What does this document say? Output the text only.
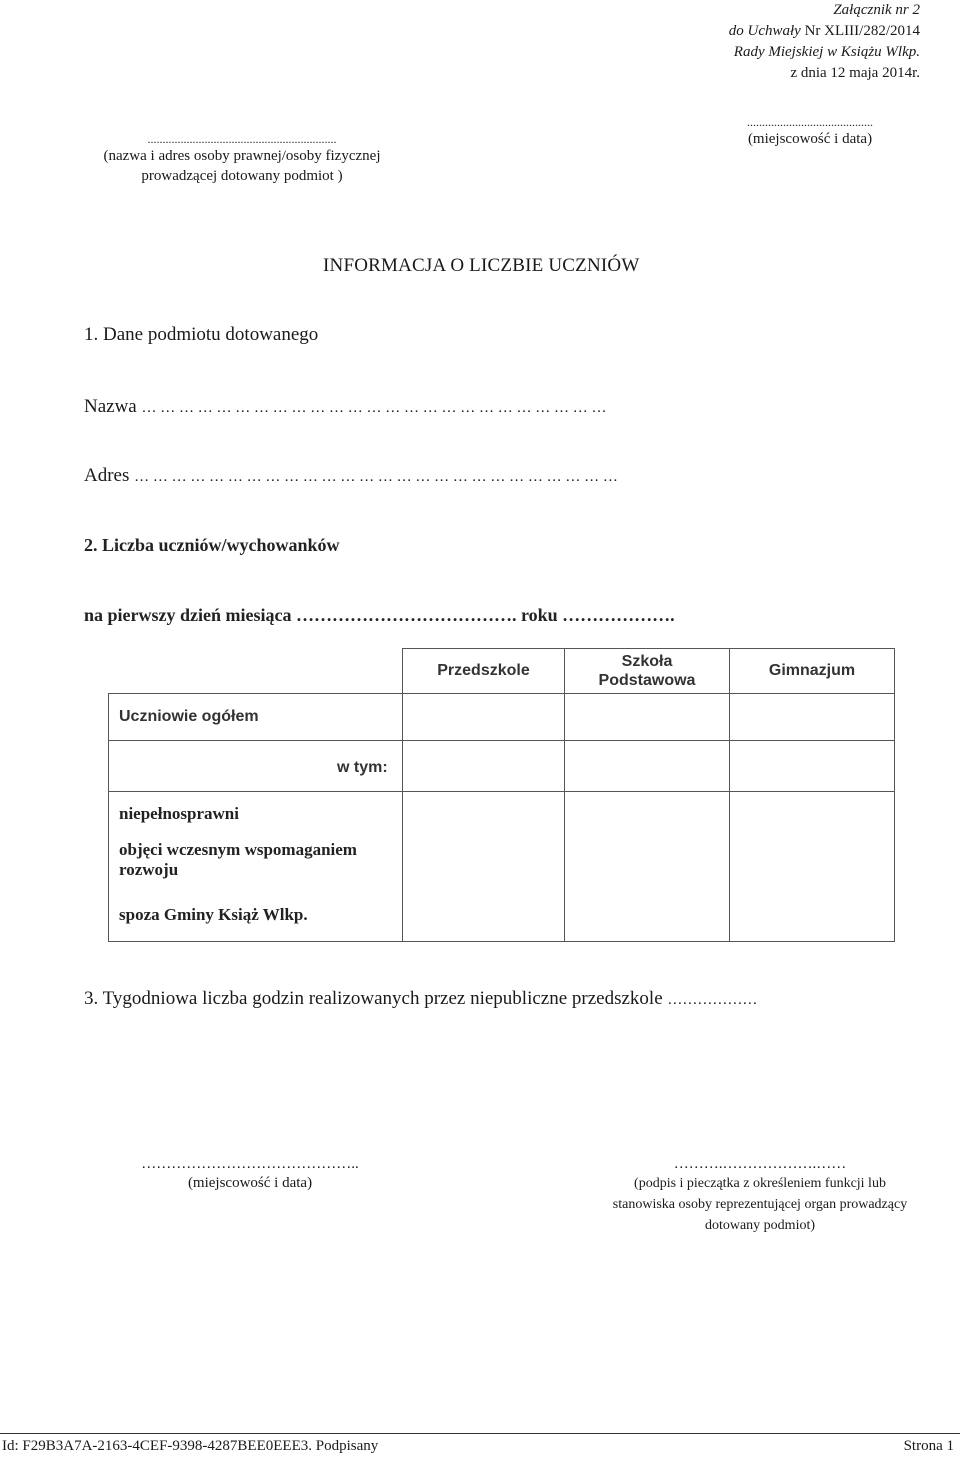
Załącznik nr 2
do Uchwały Nr XLIII/282/2014
Rady Miejskiej w Książu Wlkp.
z dnia 12 maja 2014r.
...............................................................
(nazwa i adres osoby prawnej/osoby fizycznej
prowadzącej dotowany podmiot )
..........................................
(miejscowość i data)
INFORMACJA O LICZBIE UCZNIÓW
1. Dane podmiotu dotowanego
Nazwa … … … … … … … … … … … … … … … … … … … … … … … … …
Adres … … … … … … … … … … … … … … … … … … … … … … … … … …
2. Liczba uczniów/wychowanków
na pierwszy dzień miesiąca ………………………………. roku ……………….
Przedszkole
Szkoła
Podstawowa
Gimnazjum
Uczniowie ogółem
w tym:
niepełnosprawni
objęci wczesnym wspomaganiem
rozwoju
spoza Gminy Książ Wlkp.
3. Tygodniowa liczba godzin realizowanych przez niepubliczne przedszkole ………………
……………………………………..
(miejscowość i data)
……….……………….……
(podpis i pieczątka z określeniem funkcji lub
stanowiska osoby reprezentującej organ prowadzący
dotowany podmiot)
Id: F29B3A7A-2163-4CEF-9398-4287BEE0EEE3. Podpisany	Strona 1
